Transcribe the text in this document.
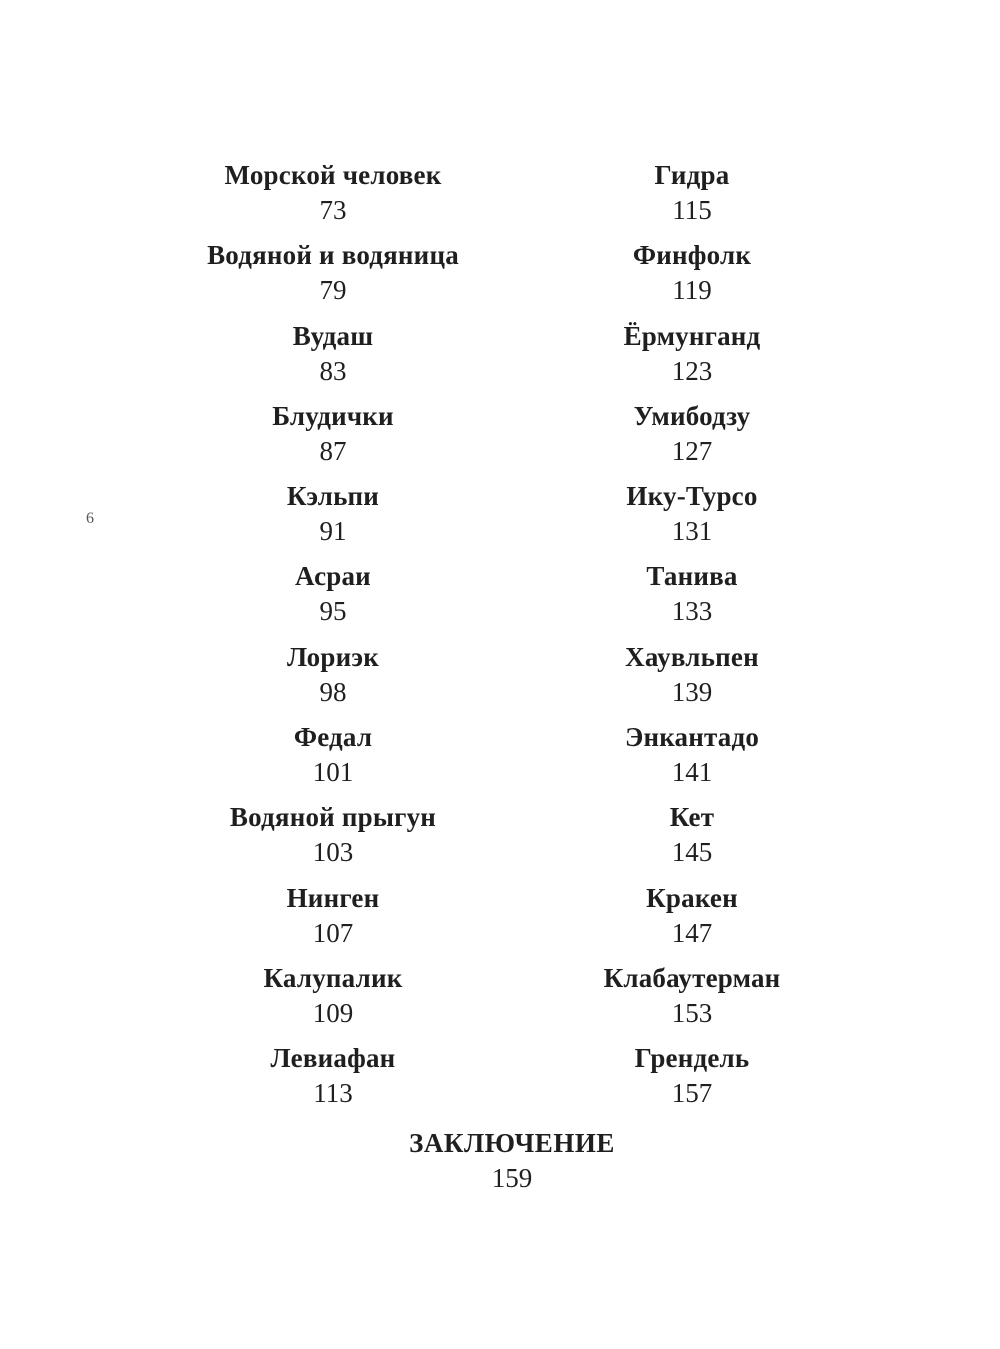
6
Морской человек
73
Водяной и водяница
79
Вудаш
83
Блудички
87
Кэльпи
91
Асраи
95
Лориэк
98
Федал
101
Водяной прыгун
103
Нинген
107
Калупалик
109
Левиафан
113
Гидра
115
Финфолк
119
Ёрмунганд
123
Умибодзу
127
Ику-Турсо
131
Танива
133
Хаувльпен
139
Энкантадо
141
Кет
145
Кракен
147
Клабаутерман
153
Грендель
157
ЗАКЛЮЧЕНИЕ
159
